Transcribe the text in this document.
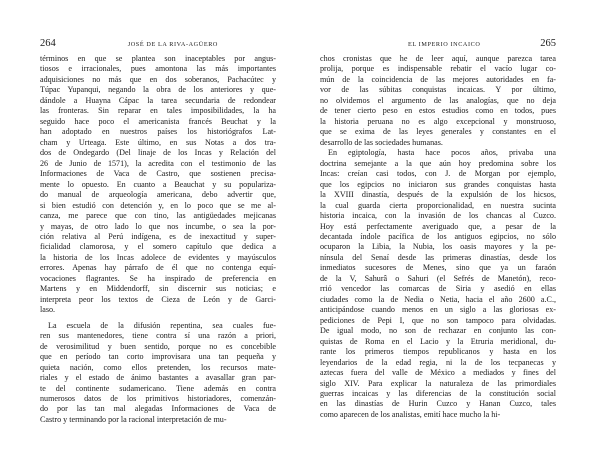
264	JOSÉ DE LA RIVA-AGÜERO
términos en que se plantea son inaceptables por angus-
tiosos e irracionales, pues amontona las más importantes
adquisiciones no más que en dos soberanos, Pachacútec y
Túpac Yupanqui, negando la obra de los anteriores y que-
dándole a Huayna Cápac la tarea secundaria de redondear
las fronteras. Sin reparar en tales imposibilidades, la ha
seguido hace poco el americanista francés Beuchat y la
han adoptado en nuestros países los historiógrafos Lat-
cham y Urteaga. Este último, en sus Notas a dos tra-
dos de Ondegardo (Del linaje de los Incas y Relación del
26 de Junio de 1571), la acredita con el testimonio de las
Informaciones de Vaca de Castro, que sostienen precisa-
mente lo opuesto. En cuanto a Beauchat y su populariza-
do manual de arqueología americana, debo advertir que,
si bien estudió con detención y, en lo poco que se me al-
canza, me parece que con tino, las antigüedades mejicanas
y mayas, de otro lado lo que nos incumbe, o sea la por-
ción relativa al Perú indígena, es de inexactitud y super-
ficialidad clamorosa, y el somero capítulo que dedica a
la historia de los Incas adolece de evidentes y mayúsculos
errores. Apenas hay párrafo de él que no contenga equí-
vocaciones flagrantes. Se ha inspirado de preferencia en
Martens y en Middendorff, sin discernir sus noticias; e
interpreta peor los textos de Cieza de León y de Garci-
laso.
La escuela de la difusión repentina, sea cuales fue-
ren sus mantenedores, tiene contra sí una razón a priori,
de verosimilitud y buen sentido, porque no es concebible
que en período tan corto improvisara una tan pequeña y
quieta nación, como ellos pretenden, los recursos mate-
riales y el estado de ánimo bastantes a avasallar gran par-
te del continente sudamericano. Tiene además en contra
numerosos datos de los primitivos historiadores, comenzán-
do por las tan mal alegadas Informaciones de Vaca de
Castro y terminando por la racional interpretación de mu-
EL IMPERIO INCAICO	265
chos cronistas que he de leer aquí, aunque parezca tarea
prolija, porque es indispensable rebatir el vacío lugar co-
mún de la coincidencia de las mejores autoridades en fa-
vor de las súbitas conquistas incaicas. Y por último,
no olvidemos el argumento de las analogías, que no deja
de tener cierto peso en estos estudios como en todos, pues
la historia peruana no es algo excepcional y monstruoso,
que se exima de las leyes generales y constantes en el
desarrollo de las sociedades humanas.
En egiptología, hasta hace pocos años, privaba una
doctrina semejante a la que aún hoy predomina sobre los
Incas: creían casi todos, con J. de Morgan por ejemplo,
que los egipcios no iniciaron sus grandes conquistas hasta
la XVIII dinastía, después de la expulsión de los hicsos,
la cual guarda cierta proporcionalidad, en nuestra sucinta
historia incaica, con la invasión de los chancas al Cuzco.
Hoy está perfectamente averiguado que, a pesar de la
decantada índole pacífica de los antiguos egipcios, no sólo
ocuparon la Libia, la Nubia, los oasis mayores y la pe-
nínsula del Senaí desde las primeras dinastías, desde los
inmediatos sucesores de Menes, sino que ya un faraón
de la V, Sahurâ o Sahuri (el Sefrés de Manetón), reco-
rrió vencedor las comarcas de Siria y asedió en ellas
ciudades como la de Nedia o Netia, hacia el año 2600 a.C.,
anticipándose cuando menos en un siglo a las gloriosas ex-
pediciones de Pepi I, que no son tampoco para olvidadas.
De igual modo, no son de rechazar en conjunto las con-
quistas de Roma en el Lacio y la Etruria meridional, du-
rante los primeros tiempos republicanos y hasta en los
leyendarios de la edad regia, ni la de los tecpanecas y
aztecas fuera del valle de México a mediados y fines del
siglo XIV. Para explicar la naturaleza de las primordiales
guerras incaicas y las diferencias de la constitución social
en las dinastías de Hurin Cuzco y Hanan Cuzco, tales
como aparecen de los analistas, emití hace mucho la hi-
